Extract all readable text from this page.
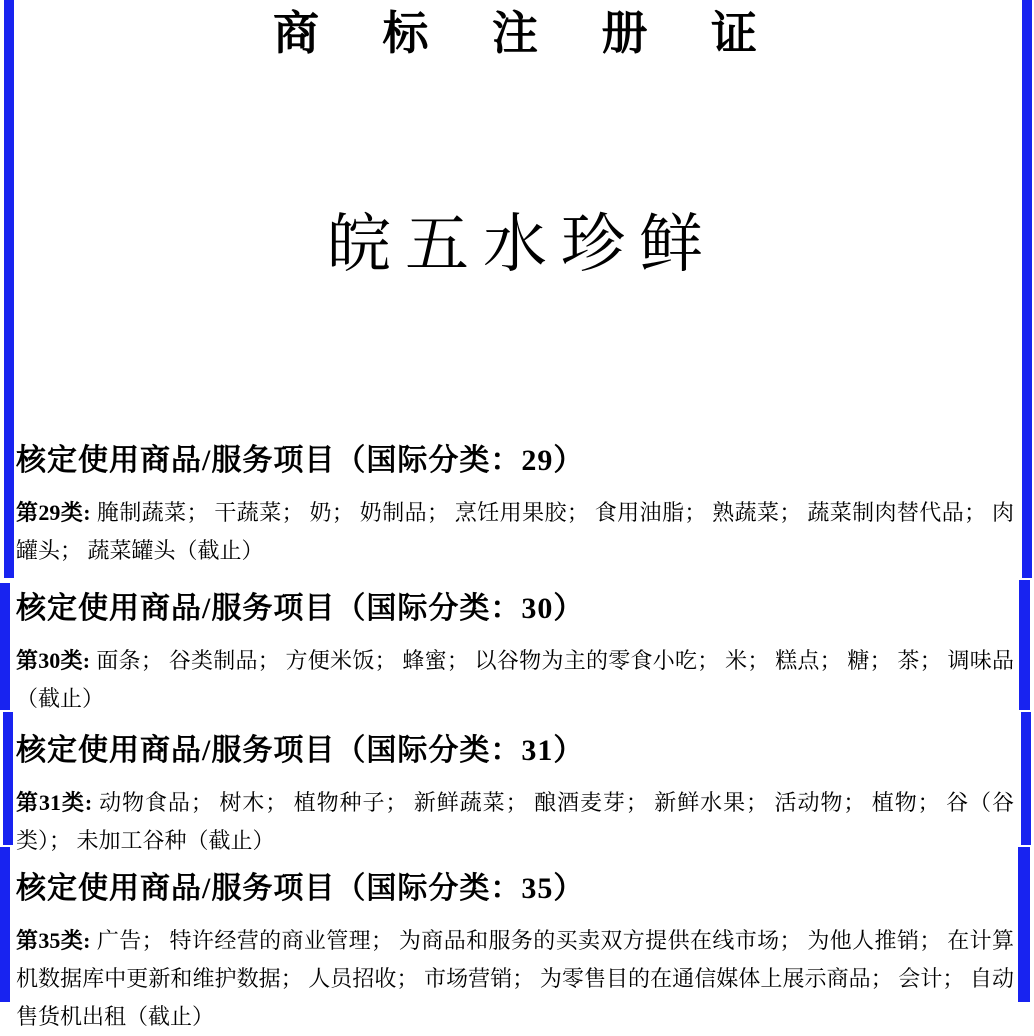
商 标 注 册 证
皖五水珍鲜
核定使用商品/服务项目（国际分类：29）

第29类: 腌制蔬菜； 干蔬菜； 奶； 奶制品； 烹饪用果胶； 食用油脂； 熟蔬菜； 蔬菜制肉替代品； 肉罐头； 蔬菜罐头（截止）

核定使用商品/服务项目（国际分类：30）

第30类: 面条； 谷类制品； 方便米饭； 蜂蜜； 以谷物为主的零食小吃； 米； 糕点； 糖； 茶； 调味品（截止）

核定使用商品/服务项目（国际分类：31）

第31类: 动物食品； 树木； 植物种子； 新鲜蔬菜； 酿酒麦芽； 新鲜水果； 活动物； 植物； 谷（谷类）； 未加工谷种（截止）

核定使用商品/服务项目（国际分类：35）

第35类: 广告； 特许经营的商业管理； 为商品和服务的买卖双方提供在线市场； 为他人推销； 在计算机数据库中更新和维护数据； 人员招收； 市场营销； 为零售目的在通信媒体上展示商品； 会计； 自动售货机出租（截止）
